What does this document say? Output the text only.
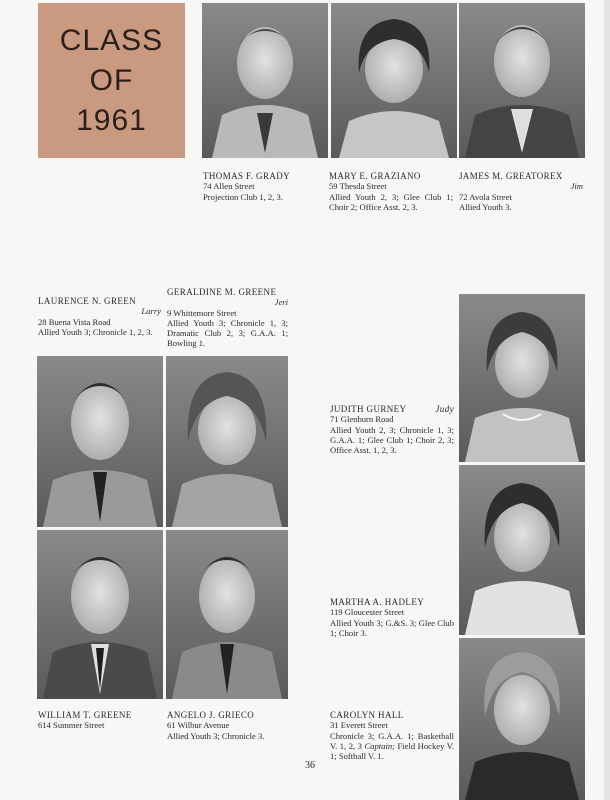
CLASS
OF
1961
THOMAS F. GRADY
74 Allen Street
Projection Club 1, 2, 3.
MARY E. GRAZIANO
59 Thesda Street
Allied Youth 2, 3; Glee Club 1; Choir 2; Office Asst. 2, 3.
JAMES M. GREATOREX
Jim

72 Avola Street
Allied Youth 3.
GERALDINE M. GREENE
Jeri

9 Whittemore Street
Allied Youth 3; Chronicle 1, 3; Dramatic Club 2, 3; G.A.A. 1; Bowling 1.
LAURENCE N. GREEN
Larry

28 Buena Vista Road
Allied Youth 3; Chronicle 1, 2, 3.
WILLIAM T. GREENE
614 Summer Street
ANGELO J. GRIECO
61 Wilbur Avenue
Allied Youth 3; Chronicle 3.
JUDITH GURNEY	Judy
71 Glenburn Road
Allied Youth 2, 3; Chronicle 1, 3; G.A.A. 1; Glee Club 1; Choir 2, 3; Office Asst. 1, 2, 3.
MARTHA A. HADLEY
119 Gloucester Street
Allied Youth 3; G.&S. 3; Glee Club 1; Choir 3.
CAROLYN HALL
31 Everett Street
Chronicle 3; G.A.A. 1; Basketball V. 1, 2, 3 Captain; Field Hockey V. 1; Softball V. 1.
36
